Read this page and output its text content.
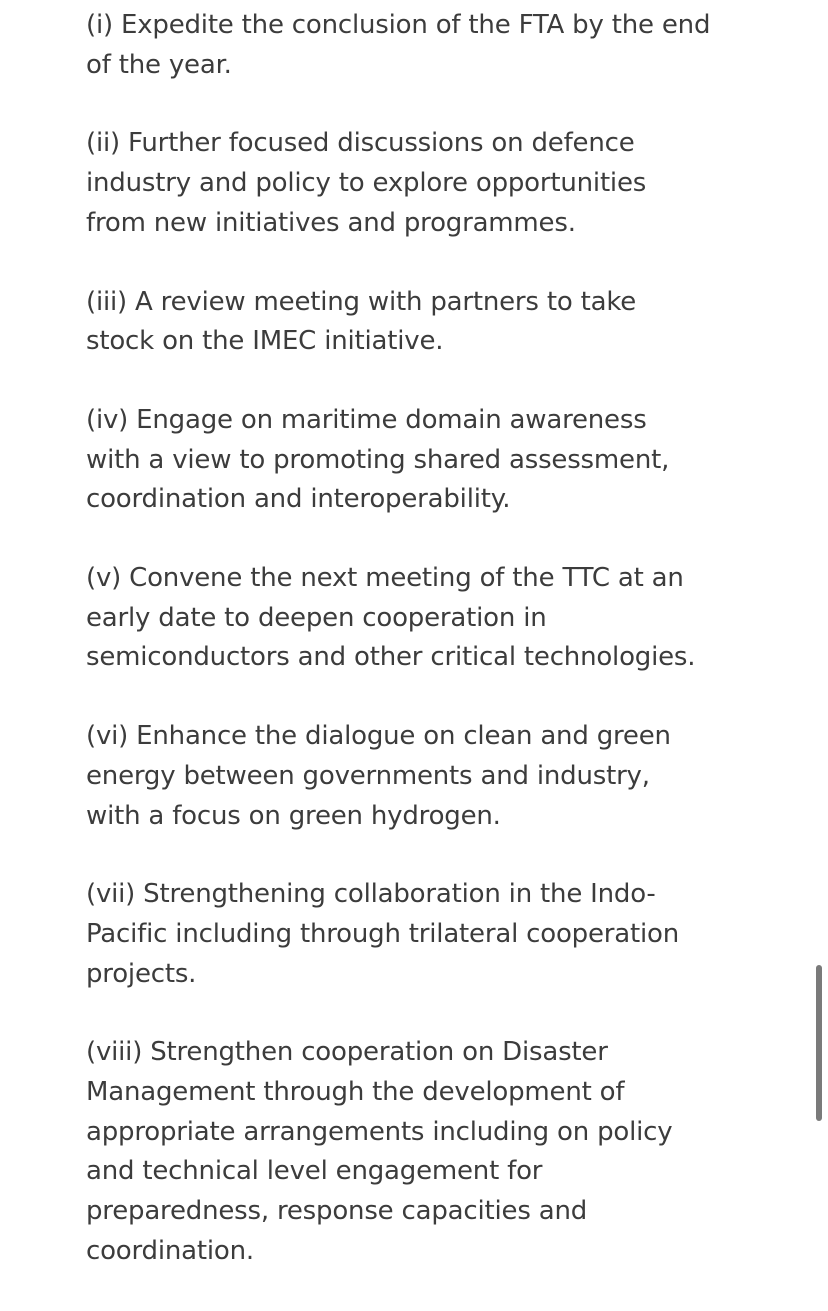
(i) Expedite the conclusion of the FTA by the end
of the year.

(ii) Further focused discussions on defence
industry and policy to explore opportunities
from new initiatives and programmes.

(iii) A review meeting with partners to take
stock on the IMEC initiative.

(iv) Engage on maritime domain awareness
with a view to promoting shared assessment,
coordination and interoperability.

(v) Convene the next meeting of the TTC at an
early date to deepen cooperation in
semiconductors and other critical technologies.

(vi) Enhance the dialogue on clean and green
energy between governments and industry,
with a focus on green hydrogen.

(vii) Strengthening collaboration in the Indo-
Pacific including through trilateral cooperation
projects.

(viii) Strengthen cooperation on Disaster
Management through the development of
appropriate arrangements including on policy
and technical level engagement for
preparedness, response capacities and
coordination.
